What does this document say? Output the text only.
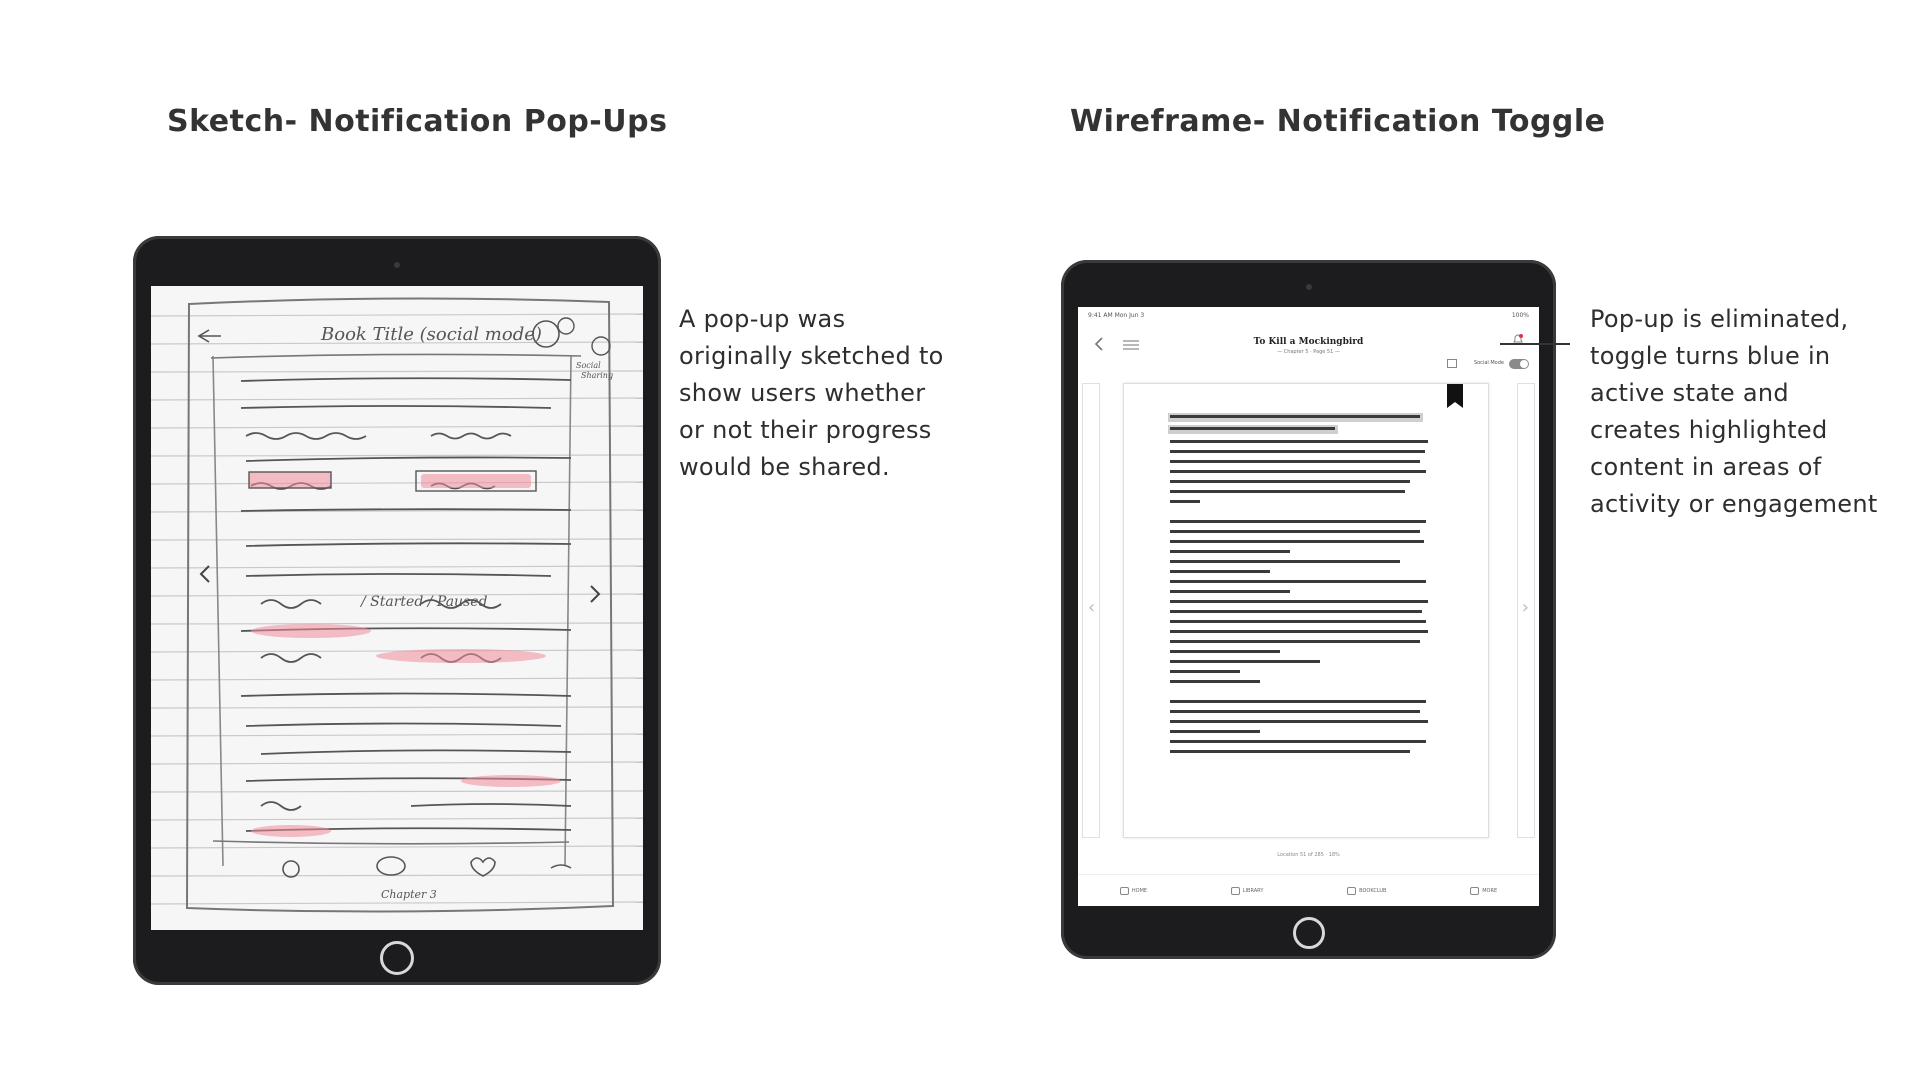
Sketch- Notification Pop-Ups	Wireframe- Notification Toggle
Book Title (social mode)
Social
Sharing
/ Started / Paused
Chapter 3
A pop-up was originally sketched to show users whether or not their progress would be shared.
9:41 AM Mon Jun 3	100%
To Kill a Mockingbird
— Chapter 5 · Page 51 —
Social Mode
‹	›
Location 51 of 285 · 18%
HOME	LIBRARY	BOOKCLUB	MORE
Pop-up is eliminated, toggle turns blue in active state and creates highlighted content in areas of activity or engagement
